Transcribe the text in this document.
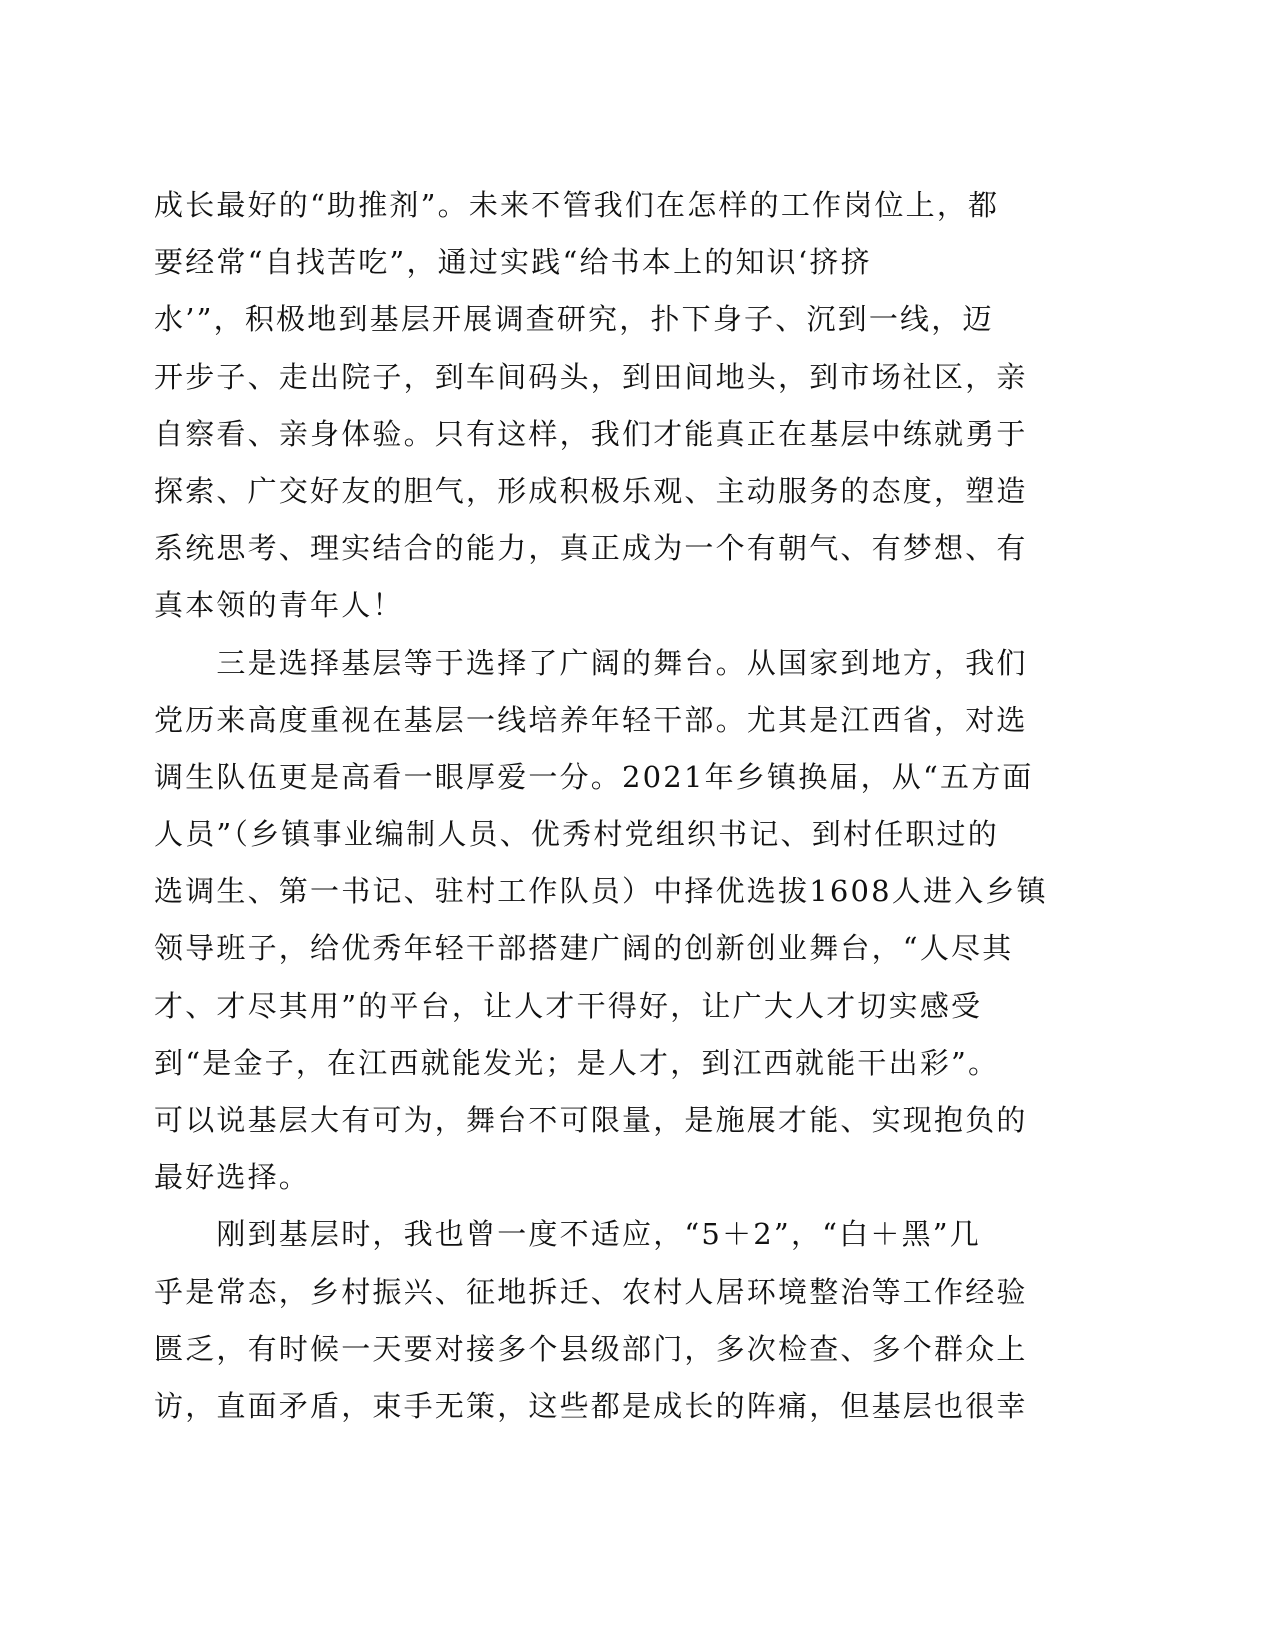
成长最好的“助推剂”。未来不管我们在怎样的工作岗位上，都
要经常“自找苦吃”，通过实践“给书本上的知识‘挤挤
水’”，积极地到基层开展调查研究，扑下身子、沉到一线，迈
开步子、走出院子，到车间码头，到田间地头，到市场社区，亲
自察看、亲身体验。只有这样，我们才能真正在基层中练就勇于
探索、广交好友的胆气，形成积极乐观、主动服务的态度，塑造
系统思考、理实结合的能力，真正成为一个有朝气、有梦想、有
真本领的青年人！
　　三是选择基层等于选择了广阔的舞台。从国家到地方，我们
党历来高度重视在基层一线培养年轻干部。尤其是江西省，对选
调生队伍更是高看一眼厚爱一分。2021年乡镇换届，从“五方面
人员”（乡镇事业编制人员、优秀村党组织书记、到村任职过的
选调生、第一书记、驻村工作队员）中择优选拔1608人进入乡镇
领导班子，给优秀年轻干部搭建广阔的创新创业舞台，“人尽其
才、才尽其用”的平台，让人才干得好，让广大人才切实感受
到“是金子，在江西就能发光；是人才，到江西就能干出彩”。
可以说基层大有可为，舞台不可限量，是施展才能、实现抱负的
最好选择。
　　刚到基层时，我也曾一度不适应，“5＋2”，“白＋黑”几
乎是常态，乡村振兴、征地拆迁、农村人居环境整治等工作经验
匮乏，有时候一天要对接多个县级部门，多次检查、多个群众上
访，直面矛盾，束手无策，这些都是成长的阵痛，但基层也很幸
